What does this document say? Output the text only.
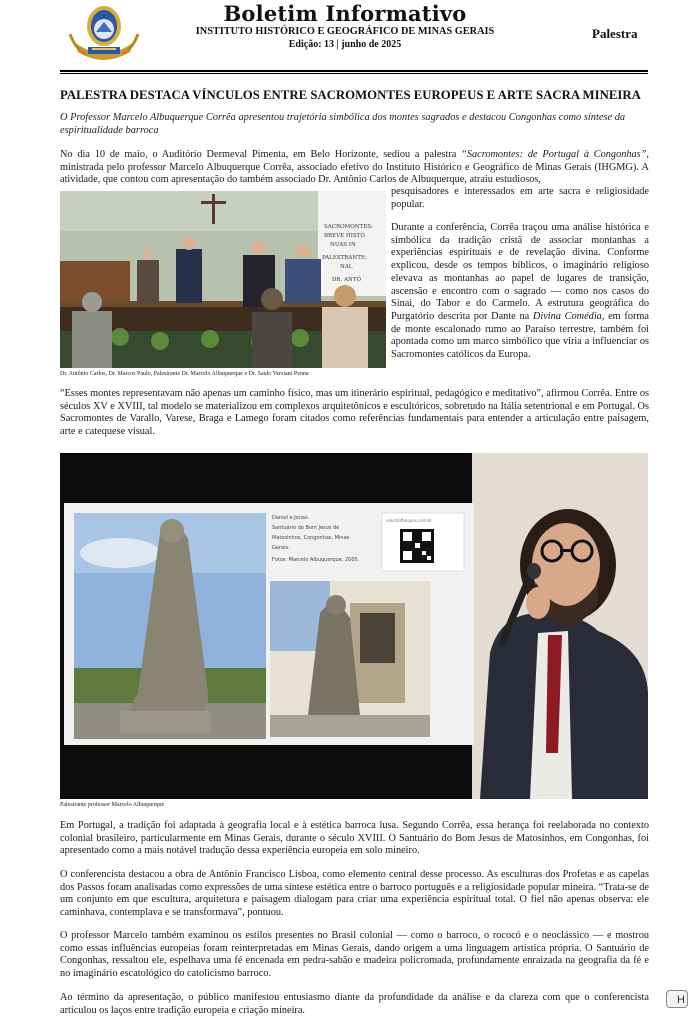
Boletim Informativo
INSTITUTO HISTÓRICO E GEOGRÁFICO DE MINAS GERAIS
Edição: 13 | junho de 2025
Palestra
PALESTRA DESTACA VÍNCULOS ENTRE SACROMONTES EUROPEUS E ARTE SACRA MINEIRA
O Professor Marcelo Albuquerque Corrêa apresentou trajetória simbólica dos montes sagrados e destacou Congonhas como síntese da espiritualidade barroca
No dia 10 de maio, o Auditório Dermeval Pimenta, em Belo Horizonte, sediou a palestra “Sacromontes: de Portugal à Congonhas”, ministrada pelo professor Marcelo Albuquerque Corrêa, associado efetivo do Instituto Histórico e Geográfico de Minas Gerais (IHGMG). A atividade, que contou com apresentação do também associado Dr. Antônio Carlos de Albuquerque, atraiu estudiosos,
pesquisadores e interessados em arte sacra e religiosidade popular.
SACROMONTES:
BREVE HISTÓ
NUAS IN
PALESTRANTE:
NAL
DR. ANTÔ
Dr. Antônio Carlos, Dr. Marcos Paulo, Palestrante Dr. Marcelo Albuquerque e Dr. Saulo Versiani Penna
Durante a conferência, Corrêa traçou uma análise histórica e simbólica da tradição cristã de associar montanhas a experiências espirituais e de revelação divina. Conforme explicou, desde os tempos bíblicos, o imaginário religioso elevava as montanhas ao papel de lugares de transição, ascensão e encontro com o sagrado — como nos casos do Sinai, do Tabor e do Carmelo. A estrutura geográfica do Purgatório descrita por Dante na Divina Comédia, em forma de monte escalonado rumo ao Paraíso terrestre, também foi apontada como um marco simbólico que viria a influenciar os Sacromontes católicos da Europa.
“Esses montes representavam não apenas um caminho físico, mas um itinerário espiritual, pedagógico e meditativo”, afirmou Corrêa. Entre os séculos XV e XVIII, tal modelo se materializou em complexos arquitetônicos e escultóricos, sobretudo na Itália setentrional e em Portugal. Os Sacromontes de Varallo, Varese, Braga e Lamego foram citados como referências fundamentais para entender a articulação entre paisagem, arte e catequese visual.
Daniel e Jonas.
Santuário do Bom Jesus de
Matosinhos, Congonhas, Minas
Gerais.
Fotos: Marcelo Albuquerque, 2005.
educhaftalques.com.br
Palestrante professor Marcelo Albuquerque
Em Portugal, a tradição foi adaptada à geografia local e à estética barroca lusa. Segundo Corrêa, essa herança foi reelaborada no contexto colonial brasileiro, particularmente em Minas Gerais, durante o século XVIII. O Santuário do Bom Jesus de Matosinhos, em Congonhas, foi apresentado como a mais notável tradução dessa experiência europeia em solo mineiro.
O conferencista destacou a obra de Antônio Francisco Lisboa, como elemento central desse processo. As esculturas dos Profetas e as capelas dos Passos foram analisadas como expressões de uma síntese estética entre o barroco português e a religiosidade popular mineira. “Trata-se de um conjunto em que escultura, arquitetura e paisagem dialogam para criar uma experiência espiritual total. O fiel não apenas observa: ele caminhava, contemplava e se transformava”, pontuou.
O professor Marcelo também examinou os estilos presentes no Brasil colonial — como o barroco, o rococó e o neoclássico — e mostrou como essas influências europeias foram reinterpretadas em Minas Gerais, dando origem a uma linguagem artística própria. O Santuário de Congonhas, ressaltou ele, espelhava uma fé encenada em pedra-sabão e madeira policromada, profundamente enraizada na geografia da fé e no imaginário escatológico do catolicismo barroco.
Ao término da apresentação, o público manifestou entusiasmo diante da profundidade da análise e da clareza com que o conferencista articulou os laços entre tradição europeia e criação mineira.
H
